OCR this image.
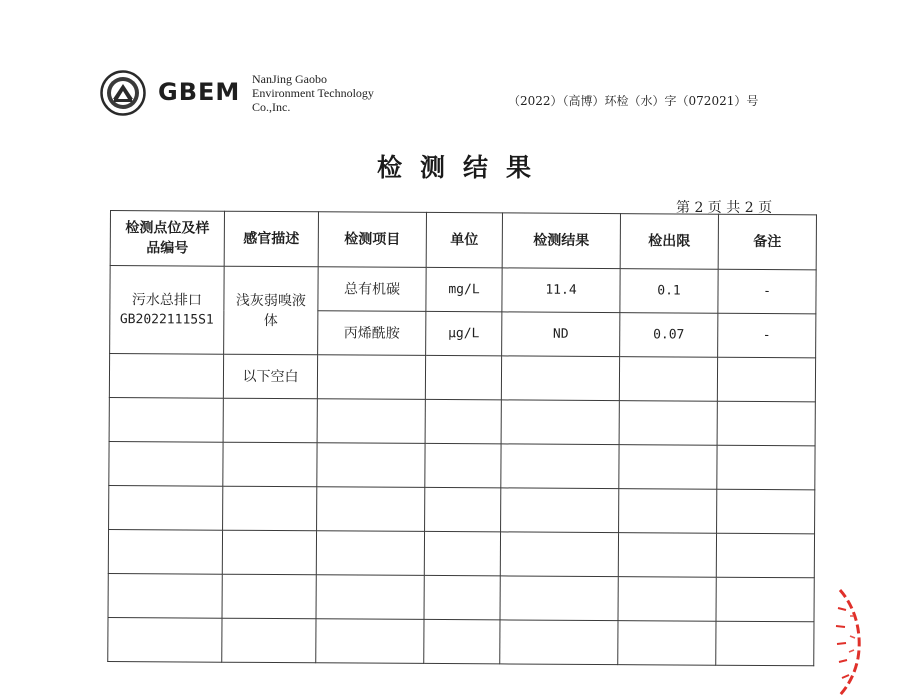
GBEM NanJing Gaobo
Environment Technology
Co.,Inc.	（2022）（高博）环检（水）字（072021）号
检测结果
第 2 页 共 2 页
检测点位及样品编号	感官描述	检测项目	单位	检测结果	检出限	备注

污水总排口
GB20221115S1	浅灰弱嗅液体	总有机碳	mg/L	11.4	0.1	-
		丙烯酰胺	μg/L	ND	0.07	-
	以下空白					
